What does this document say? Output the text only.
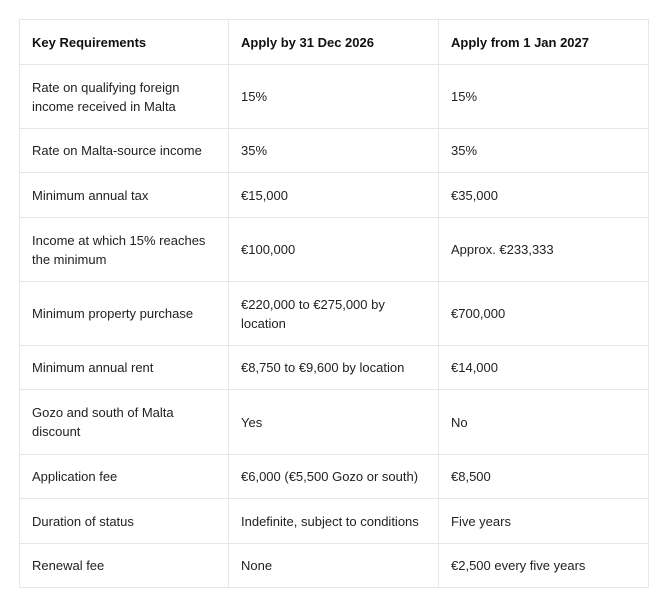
Key Requirements	Apply by 31 Dec 2026	Apply from 1 Jan 2027
Rate on qualifying foreign income received in Malta	15%	15%
Rate on Malta-source income	35%	35%
Minimum annual tax	€15,000	€35,000
Income at which 15% reaches the minimum	€100,000	Approx. €233,333
Minimum property purchase	€220,000 to €275,000 by location	€700,000
Minimum annual rent	€8,750 to €9,600 by location	€14,000
Gozo and south of Malta discount	Yes	No
Application fee	€6,000 (€5,500 Gozo or south)	€8,500
Duration of status	Indefinite, subject to conditions	Five years
Renewal fee	None	€2,500 every five years
